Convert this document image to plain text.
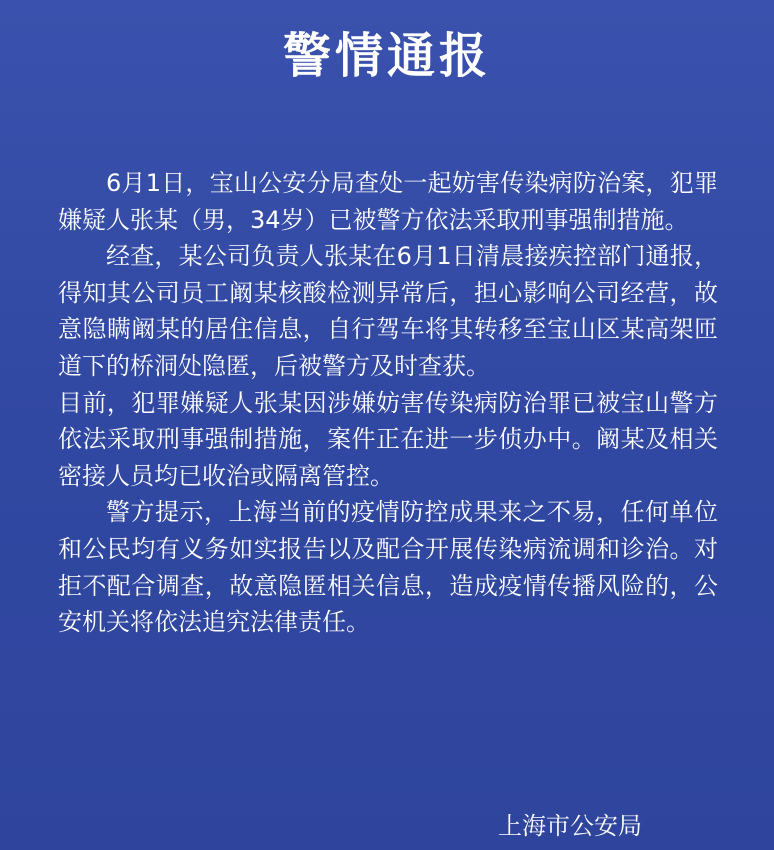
警情通报

6月1日，宝山公安分局查处一起妨害传染病防治案，犯罪嫌疑人张某（男，34岁）已被警方依法采取刑事强制措施。

经查，某公司负责人张某在6月1日清晨接疾控部门通报，得知其公司员工阚某核酸检测异常后，担心影响公司经营，故意隐瞒阚某的居住信息，自行驾车将其转移至宝山区某高架匝道下的桥洞处隐匿，后被警方及时查获。

目前，犯罪嫌疑人张某因涉嫌妨害传染病防治罪已被宝山警方依法采取刑事强制措施，案件正在进一步侦办中。阚某及相关密接人员均已收治或隔离管控。

警方提示，上海当前的疫情防控成果来之不易，任何单位和公民均有义务如实报告以及配合开展传染病流调和诊治。对拒不配合调查，故意隐匿相关信息，造成疫情传播风险的，公安机关将依法追究法律责任。

上海市公安局
